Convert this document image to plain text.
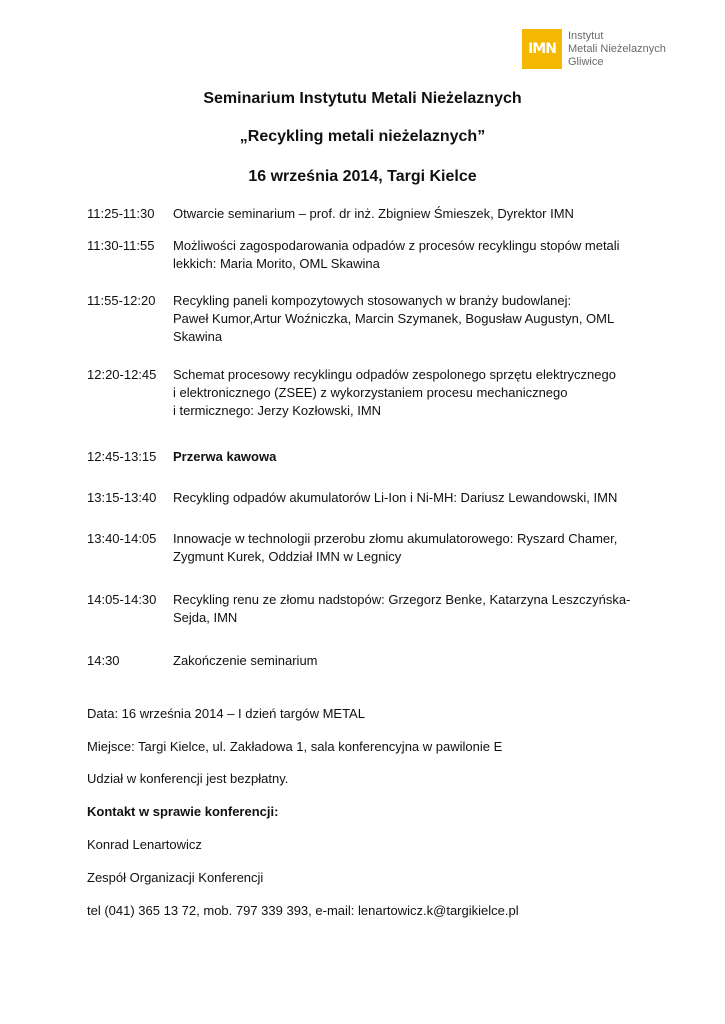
IMN
Instytut
Metali Nieżelaznych
Gliwice
Seminarium Instytutu Metali Nieżelaznych
„Recykling metali nieżelaznych”
16 września 2014, Targi Kielce
11:25-11:30	Otwarcie seminarium – prof. dr inż. Zbigniew Śmieszek, Dyrektor IMN
11:30-11:55	Możliwości zagospodarowania odpadów z procesów recyklingu stopów metali
lekkich: Maria Morito, OML Skawina
11:55-12:20	Recykling paneli kompozytowych stosowanych w branży budowlanej:
Paweł Kumor,Artur Woźniczka, Marcin Szymanek, Bogusław Augustyn, OML
Skawina
12:20-12:45	Schemat procesowy recyklingu odpadów zespolonego sprzętu elektrycznego
i elektronicznego (ZSEE) z wykorzystaniem procesu mechanicznego
i termicznego: Jerzy Kozłowski, IMN
12:45-13:15	Przerwa kawowa
13:15-13:40	Recykling odpadów akumulatorów Li-Ion i Ni-MH: Dariusz Lewandowski, IMN
13:40-14:05	Innowacje w technologii przerobu złomu akumulatorowego: Ryszard Chamer,
Zygmunt Kurek, Oddział IMN w Legnicy
14:05-14:30	Recykling renu ze złomu nadstopów: Grzegorz Benke, Katarzyna Leszczyńska-
Sejda, IMN
14:30	Zakończenie seminarium
Data: 16 września 2014 – I dzień targów METAL
Miejsce: Targi Kielce, ul. Zakładowa 1, sala konferencyjna w pawilonie E
Udział w konferencji jest bezpłatny.
Kontakt w sprawie konferencji:
Konrad Lenartowicz
Zespół Organizacji Konferencji
tel (041) 365 13 72, mob. 797 339 393, e-mail: lenartowicz.k@targikielce.pl
